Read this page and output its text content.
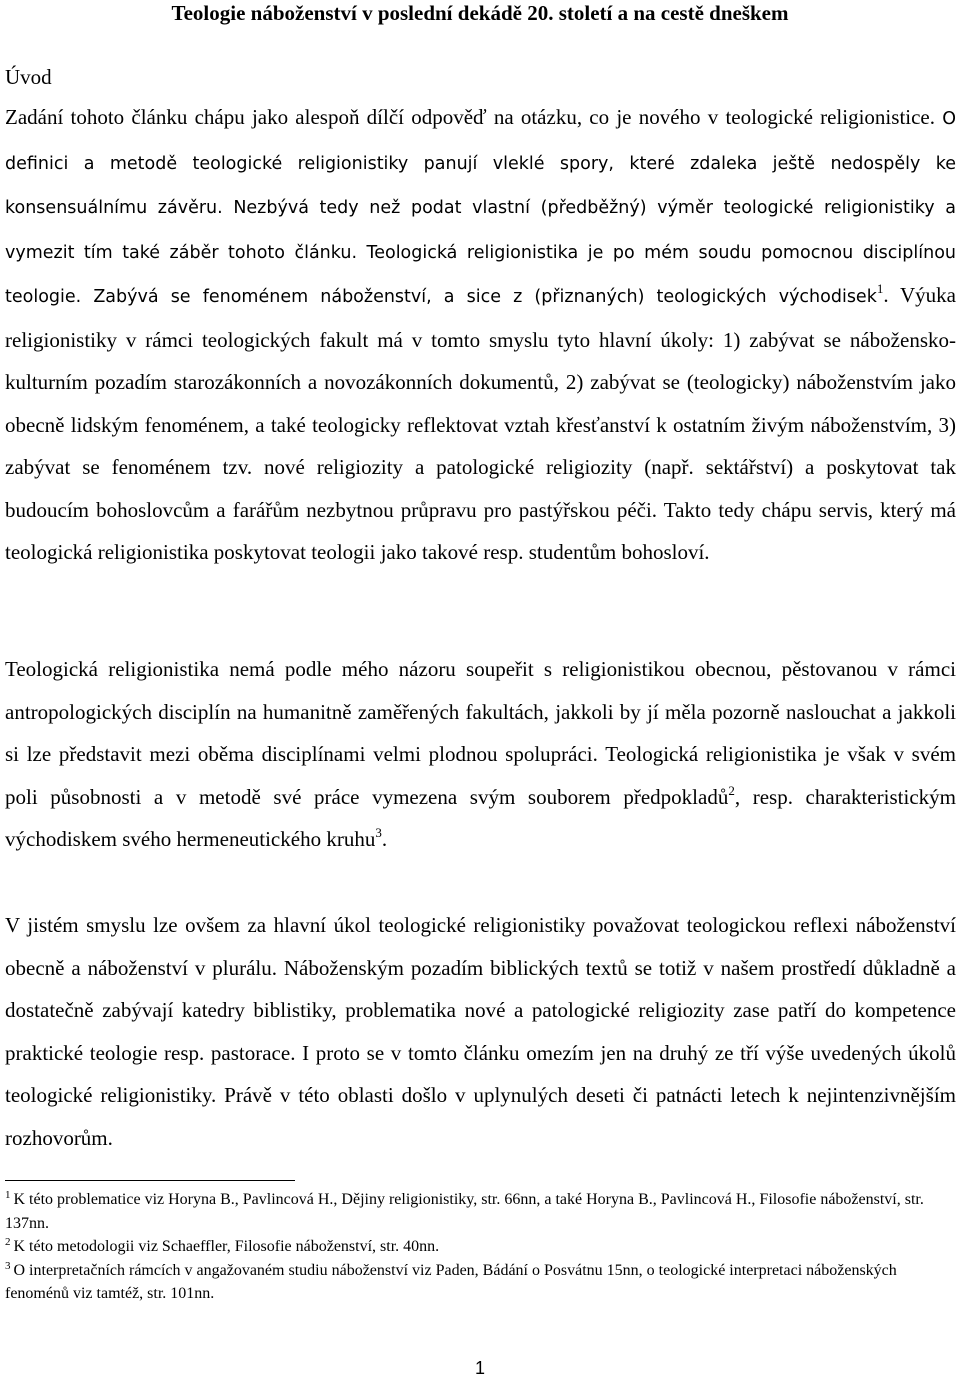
Teologie náboženství v poslední dekádě 20. století a na cestě dneškem
Úvod

Zadání tohoto článku chápu jako alespoň dílčí odpověď na otázku, co je nového v teologické religionistice. O definici a metodě teologické religionistiky panují vleklé spory, které zdaleka ještě nedospěly ke konsensuálnímu závěru. Nezbývá tedy než podat vlastní (předběžný) výměr teologické religionistiky a vymezit tím také záběr tohoto článku. Teologická religionistika je po mém soudu pomocnou disciplínou teologie. Zabývá se fenoménem náboženství, a sice z (přiznaných) teologických východisek$^1$. Výuka religionistiky v rámci teologických fakult má v tomto smyslu tyto hlavní úkoly: 1) zabývat se nábožensko-kulturním pozadím starozákonních a novozákonních dokumentů, 2) zabývat se (teologicky) náboženstvím jako obecně lidským fenoménem, a také teologicky reflektovat vztah křesťanství k ostatním živým náboženstvím, 3) zabývat se fenoménem tzv. nové religiozity a patologické religiozity (např. sektářství) a poskytovat tak budoucím bohoslovcům a farářům nezbytnou průpravu pro pastýřskou péči. Takto tedy chápu servis, který má teologická religionistika poskytovat teologii jako takové resp. studentům bohosloví.

Teologická religionistika nemá podle mého názoru soupeřit s religionistikou obecnou, pěstovanou v rámci antropologických disciplín na humanitně zaměřených fakultách, jakkoli by jí měla pozorně naslouchat a jakkoli si lze představit mezi oběma disciplínami velmi plodnou spolupráci. Teologická religionistika je však v svém poli působnosti a v metodě své práce vymezena svým souborem předpokladů$^2$, resp. charakteristickým východiskem svého hermeneutického kruhu$^3$.

V jistém smyslu lze ovšem za hlavní úkol teologické religionistiky považovat teologickou reflexi náboženství obecně a náboženství v plurálu. Náboženským pozadím biblických textů se totiž v našem prostředí důkladně a dostatečně zabývají katedry biblistiky, problematika nové a patologické religiozity zase patří do kompetence praktické teologie resp. pastorace. I proto se v tomto článku omezím jen na druhý ze tří výše uvedených úkolů teologické religionistiky. Právě v této oblasti došlo v uplynulých deseti či patnácti letech k nejintenzivnějším rozhovorům.

$^1$ K této problematice viz Horyna B., Pavlincová H., Dějiny religionistiky, str. 66nn, a také Horyna B., Pavlincová H., Filosofie náboženství, str. 137nn.

$^2$ K této metodologii viz Schaeffler, Filosofie náboženství, str. 40nn.

$^3$ O interpretačních rámcích v angažovaném studiu náboženství viz Paden, Bádání o Posvátnu 15nn, o teologické interpretaci náboženských fenoménů viz tamtéž, str. 101nn.

1
